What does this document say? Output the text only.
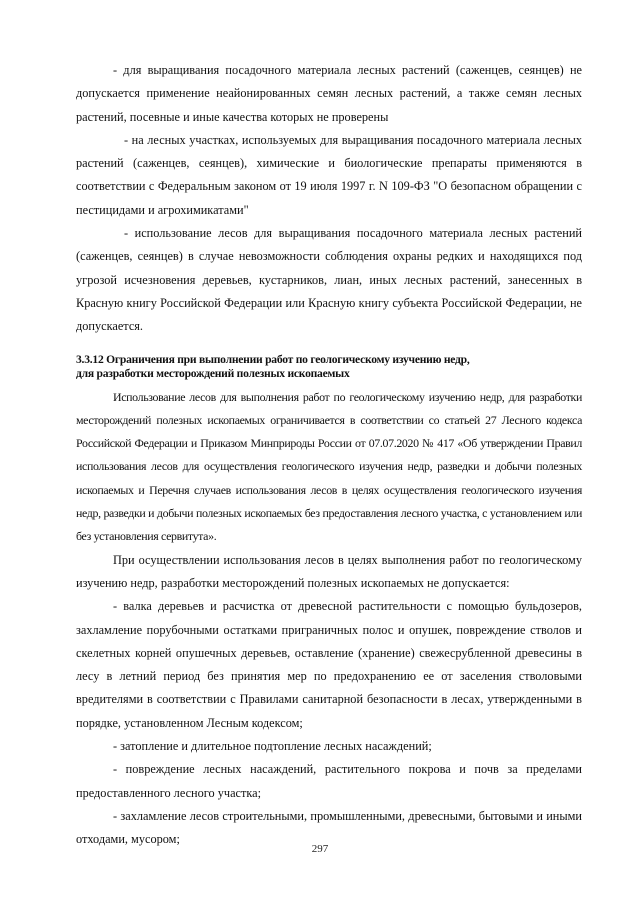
- для выращивания посадочного материала лесных растений (саженцев, сеянцев) не допускается применение неайонированных семян лесных растений, а также семян лесных растений, посевные и иные качества которых не проверены

- на лесных участках, используемых для выращивания посадочного материала лесных растений (саженцев, сеянцев), химические и биологические препараты применяются в соответствии с Федеральным законом от 19 июля 1997 г. N 109-ФЗ "О безопасном обращении с пестицидами и агрохимикатами"

- использование лесов для выращивания посадочного материала лесных растений (саженцев, сеянцев) в случае невозможности соблюдения охраны редких и находящихся под угрозой исчезновения деревьев, кустарников, лиан, иных лесных растений, занесенных в Красную книгу Российской Федерации или Красную книгу субъекта Российской Федерации, не допускается.

3.3.12 Ограничения при выполнении работ по геологическому изучению недр,
для разработки месторождений полезных ископаемых

Использование лесов для выполнения работ по геологическому изучению недр, для разработки месторождений полезных ископаемых ограничивается в соответствии со статьей 27 Лесного кодекса Российской Федерации и Приказом Минприроды России от 07.07.2020 № 417 «Об утверждении Правил использования лесов для осуществления геологического изучения недр, разведки и добычи полезных ископаемых и Перечня случаев использования лесов в целях осуществления геологического изучения недр, разведки и добычи полезных ископаемых без предоставления лесного участка, с установлением или без установления сервитута».

При осуществлении использования лесов в целях выполнения работ по геологическому изучению недр, разработки месторождений полезных ископаемых не допускается:

- валка деревьев и расчистка от древесной растительности с помощью бульдозеров, захламление порубочными остатками приграничных полос и опушек, повреждение стволов и скелетных корней опушечных деревьев, оставление (хранение) свежесрубленной древесины в лесу в летний период без принятия мер по предохранению ее от заселения стволовыми вредителями в соответствии с Правилами санитарной безопасности в лесах, утвержденными в порядке, установленном Лесным кодексом;

- затопление и длительное подтопление лесных насаждений;

- повреждение лесных насаждений, растительного покрова и почв за пределами предоставленного лесного участка;

- захламление лесов строительными, промышленными, древесными, бытовыми и иными отходами, мусором;

297
